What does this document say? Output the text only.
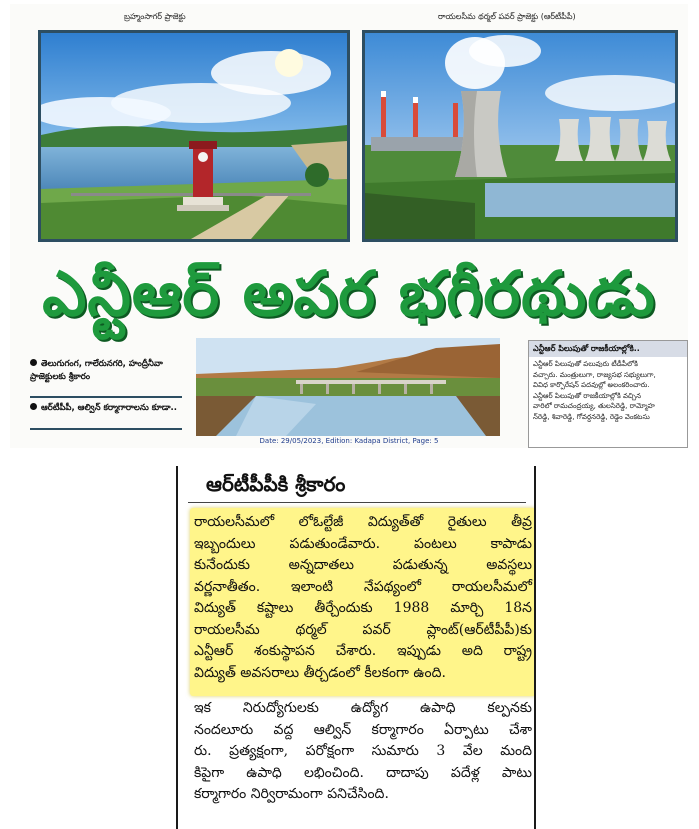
బ్రహ్మంసాగర్ ప్రాజెక్టు	రాయలసీమ థర్మల్ పవర్ ప్రాజెక్టు (ఆర్‌టీపీపీ)
ఎన్టీఆర్ అపర భగీరథుడు
తెలుగుగంగ, గాలేరునగరి, హంద్రీనీవా ప్రాజెక్టులకు శ్రీకారం
ఆర్‌టీపీపీ, ఆల్విన్ కర్మాగారాలను కూడా..
ఎన్టీఆర్ పిలుపుతో రాజకీయాల్లోకి..
ఎన్టీఆర్ పిలుపుతో పలువురు టీడీపీలోకి
వచ్చారు. మంత్రులుగా, రాజ్యసభ సభ్యులుగా,
వివిధ కార్పొరేషన్ పదవుల్లో అలంకరించారు.
ఎన్టీఆర్ పిలుపుతో రాజకీయాల్లోకి వచ్చిన
వారిలో రామచంద్రయ్య, తులసిరెడ్డి, రామ్మోహ
న్‌రెడ్డి, శివారెడ్డి, గోవర్ధనరెడ్డి, రెడ్డెం వెంకటసు
Date: 29/05/2023, Edition: Kadapa District, Page: 5
ఆర్‌టీపీపీకి శ్రీకారం
రాయలసీమలో లోఓల్టేజీ విద్యుత్‌తో రైతులు తీవ్ర
ఇబ్బందులు పడుతుండేవారు. పంటలు కాపాడు
కునేందుకు అన్నదాతలు పడుతున్న అవస్థలు
వర్ణనాతీతం. ఇలాంటి నేపథ్యంలో రాయలసీమలో
విద్యుత్ కష్టాలు తీర్చేందుకు 1988 మార్చి 18న
రాయలసీమ థర్మల్ పవర్ ప్లాంట్(ఆర్‌టీపీపీ)కు
ఎన్టీఆర్ శంకుస్థాపన చేశారు. ఇప్పుడు అది రాష్ట్ర
విద్యుత్ అవసరాలు తీర్చడంలో కీలకంగా ఉంది.
ఇక నిరుద్యోగులకు ఉద్యోగ ఉపాధి కల్పనకు
నందలూరు వద్ద ఆల్విన్ కర్మాగారం ఏర్పాటు చేశా
రు. ప్రత్యక్షంగా, పరోక్షంగా సుమారు 3 వేల మంది
కిపైగా ఉపాధి లభించింది. దాదాపు పదేళ్ల పాటు
కర్మాగారం నిర్విరామంగా పనిచేసింది.
